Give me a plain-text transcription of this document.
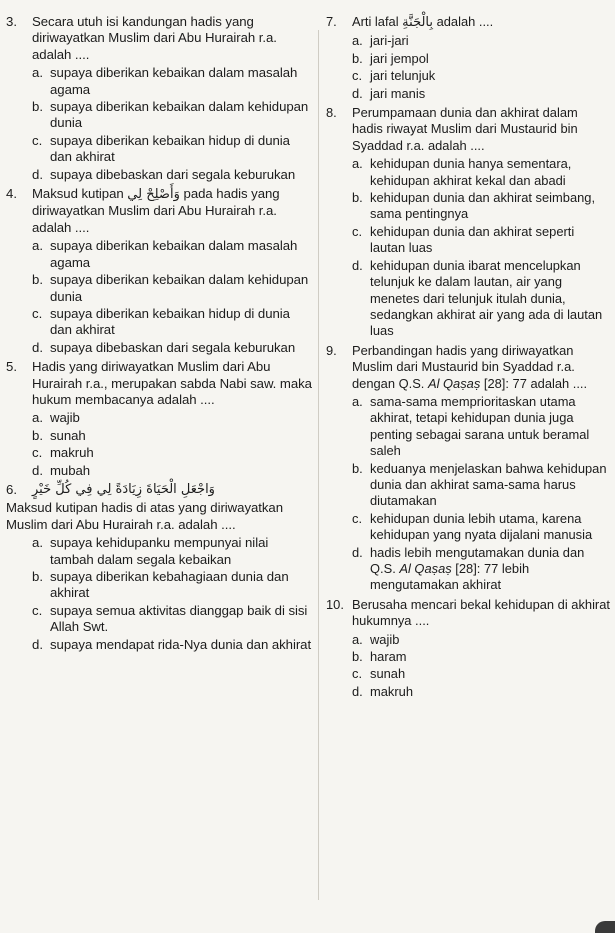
3. Secara utuh isi kandungan hadis yang diriwayatkan Muslim dari Abu Hurairah r.a. adalah ....
a. supaya diberikan kebaikan dalam masalah agama
b. supaya diberikan kebaikan dalam kehidupan dunia
c. supaya diberikan kebaikan hidup di dunia dan akhirat
d. supaya dibebaskan dari segala keburukan
4. Maksud kutipan وَأَصْلِحْ لِي pada hadis yang diriwayatkan Muslim dari Abu Hurairah r.a. adalah ....
a. supaya diberikan kebaikan dalam masalah agama
b. supaya diberikan kebaikan dalam kehidupan dunia
c. supaya diberikan kebaikan hidup di dunia dan akhirat
d. supaya dibebaskan dari segala keburukan
5. Hadis yang diriwayatkan Muslim dari Abu Hurairah r.a., merupakan sabda Nabi saw. maka hukum membacanya adalah ....
a. wajib
b. sunah
c. makruh
d. mubah
6. وَاجْعَلِ الْحَيَاةَ زِيَادَةً لِي فِي كُلِّ خَيْرٍ
Maksud kutipan hadis di atas yang diriwayatkan Muslim dari Abu Hurairah r.a. adalah ....
a. supaya kehidupanku mempunyai nilai tambah dalam segala kebaikan
b. supaya diberikan kebahagiaan dunia dan akhirat
c. supaya semua aktivitas dianggap baik di sisi Allah Swt.
d. supaya mendapat rida-Nya dunia dan akhirat
7. Arti lafal بِالْجَنَّةِ adalah ....
a. jari-jari
b. jari jempol
c. jari telunjuk
d. jari manis
8. Perumpamaan dunia dan akhirat dalam hadis riwayat Muslim dari Mustaurid bin Syaddad r.a. adalah ....
a. kehidupan dunia hanya sementara, kehidupan akhirat kekal dan abadi
b. kehidupan dunia dan akhirat seimbang, sama pentingnya
c. kehidupan dunia dan akhirat seperti lautan luas
d. kehidupan dunia ibarat mencelupkan telunjuk ke dalam lautan, air yang menetes dari telunjuk itulah dunia, sedangkan akhirat air yang ada di lautan luas
9. Perbandingan hadis yang diriwayatkan Muslim dari Mustaurid bin Syaddad r.a. dengan Q.S. Al Qaṣaṣ [28]: 77 adalah ....
a. sama-sama memprioritaskan utama akhirat, tetapi kehidupan dunia juga penting sebagai sarana untuk beramal saleh
b. keduanya menjelaskan bahwa kehidupan dunia dan akhirat sama-sama harus diutamakan
c. kehidupan dunia lebih utama, karena kehidupan yang nyata dijalani manusia
d. hadis lebih mengutamakan dunia dan Q.S. Al Qaṣaṣ [28]: 77 lebih mengutamakan akhirat
10. Berusaha mencari bekal kehidupan di akhirat hukumnya ....
a. wajib
b. haram
c. sunah
d. makruh
